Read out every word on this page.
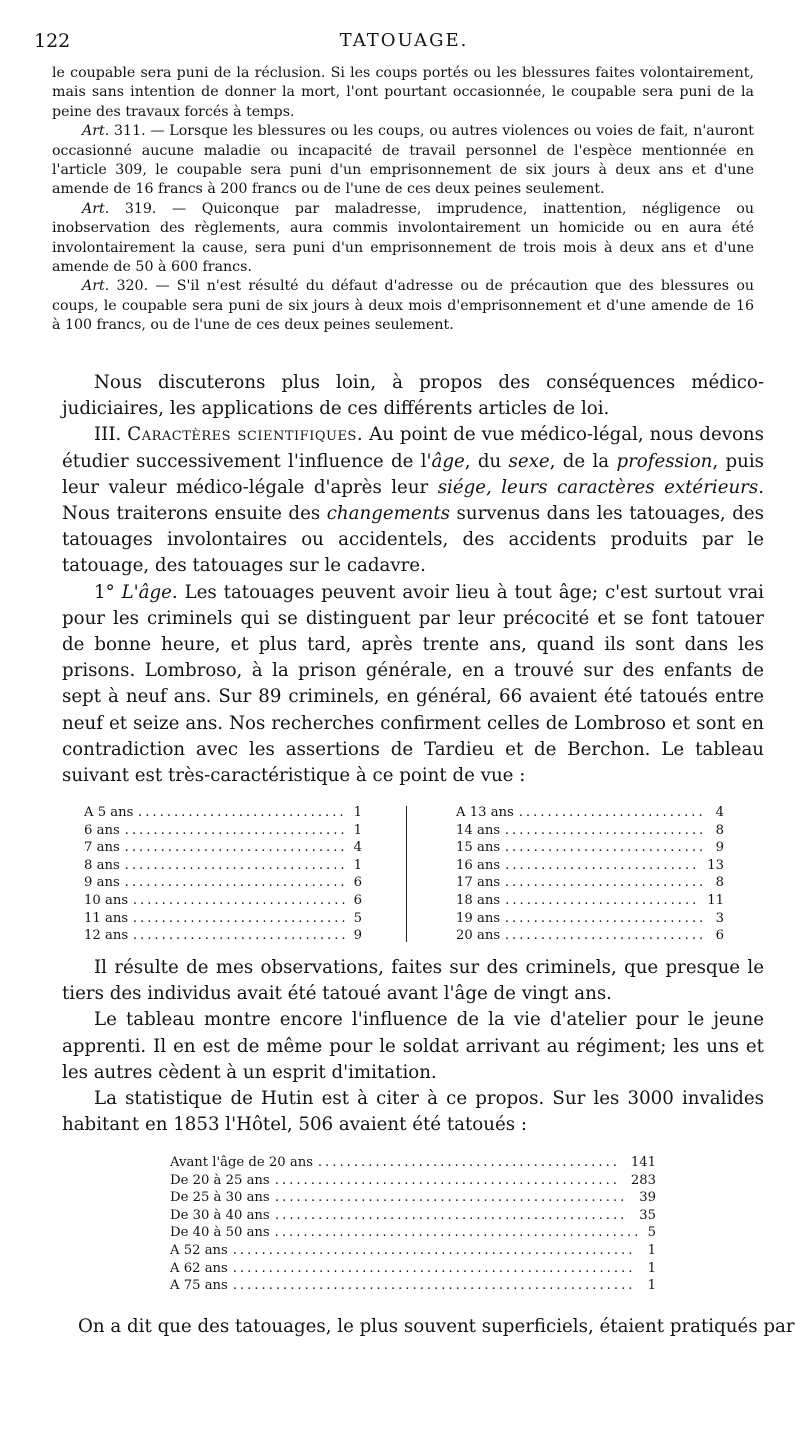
122	TATOUAGE.

le coupable sera puni de la réclusion. Si les coups portés ou les blessures faites volontairement, mais sans intention de donner la mort, l'ont pourtant occasionnée, le coupable sera puni de la peine des travaux forcés à temps.

Art. 311. — Lorsque les blessures ou les coups, ou autres violences ou voies de fait, n'auront occasionné aucune maladie ou incapacité de travail personnel de l'espèce mentionnée en l'article 309, le coupable sera puni d'un emprisonnement de six jours à deux ans et d'une amende de 16 francs à 200 francs ou de l'une de ces deux peines seulement.

Art. 319. — Quiconque par maladresse, imprudence, inattention, négligence ou inobservation des règlements, aura commis involontairement un homicide ou en aura été involontairement la cause, sera puni d'un emprisonnement de trois mois à deux ans et d'une amende de 50 à 600 francs.

Art. 320. — S'il n'est résulté du défaut d'adresse ou de précaution que des blessures ou coups, le coupable sera puni de six jours à deux mois d'emprisonnement et d'une amende de 16 à 100 francs, ou de l'une de ces deux peines seulement.

Nous discuterons plus loin, à propos des conséquences médico-judiciaires, les applications de ces différents articles de loi.

III. Caractères scientifiques. Au point de vue médico-légal, nous devons étudier successivement l'influence de l'âge, du sexe, de la profession, puis leur valeur médico-légale d'après leur siége, leurs caractères extérieurs. Nous traiterons ensuite des changements survenus dans les tatouages, des tatouages involontaires ou accidentels, des accidents produits par le tatouage, des tatouages sur le cadavre.

1° L'âge. Les tatouages peuvent avoir lieu à tout âge; c'est surtout vrai pour les criminels qui se distinguent par leur précocité et se font tatouer de bonne heure, et plus tard, après trente ans, quand ils sont dans les prisons. Lombroso, à la prison générale, en a trouvé sur des enfants de sept à neuf ans. Sur 89 criminels, en général, 66 avaient été tatoués entre neuf et seize ans. Nos recherches confirment celles de Lombroso et sont en contradiction avec les assertions de Tardieu et de Berchon. Le tableau suivant est très-caractéristique à ce point de vue :

A 5 ans ............................. 1
6 ans ............................... 1
7 ans ............................... 4
8 ans ............................... 1
9 ans ............................... 6
10 ans .............................. 6
11 ans .............................. 5
12 ans .............................. 9
A 13 ans .......................... 4
14 ans ............................ 8
15 ans ............................ 9
16 ans ........................... 13
17 ans ............................ 8
18 ans ........................... 11
19 ans ............................ 3
20 ans ............................ 6

Il résulte de mes observations, faites sur des criminels, que presque le tiers des individus avait été tatoué avant l'âge de vingt ans.

Le tableau montre encore l'influence de la vie d'atelier pour le jeune apprenti. Il en est de même pour le soldat arrivant au régiment; les uns et les autres cèdent à un esprit d'imitation.

La statistique de Hutin est à citer à ce propos. Sur les 3000 invalides habitant en 1853 l'Hôtel, 506 avaient été tatoués :

Avant l'âge de 20 ans .......................................... 141
De 20 à 25 ans ................................................ 283
De 25 à 30 ans ................................................. 39
De 30 à 40 ans ................................................. 35
De 40 à 50 ans ................................................... 5
A 52 ans ........................................................ 1
A 62 ans ........................................................ 1
A 75 ans ........................................................ 1
On a dit que des tatouages, le plus souvent superficiels, étaient pratiqués par
